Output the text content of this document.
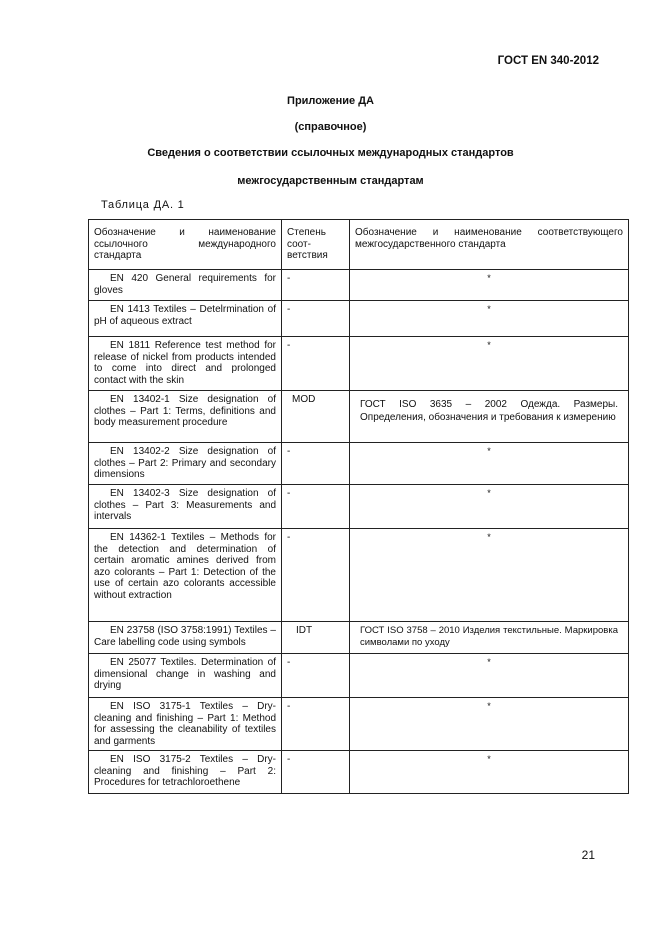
ГОСТ EN 340-2012
Приложение ДА
(справочное)
Сведения о соответствии ссылочных международных стандартов
межгосударственным стандартам
Таблица ДА. 1
Обозначение и наименование ссылочного международного стандарта	Степень соот-ветствия	Обозначение и наименование соответствующего межгосударственного стандарта
EN 420 General requirements for gloves	-	*
EN 1413 Textiles – Detelrmination of pH of aqueous extract	-	*
EN 1811 Reference test method for release of nickel from products intended to come into direct and prolonged contact with the skin	-	*
EN 13402-1 Size designation of clothes – Part 1: Terms, definitions and body measurement procedure	MOD	ГОСТ ISO 3635 – 2002 Одежда. Размеры. Определения, обозначения и требования к измерению
EN 13402-2 Size designation of clothes – Part 2: Primary and secondary dimensions	-	*
EN 13402-3 Size designation of clothes – Part 3: Measurements and intervals	-	*
EN 14362-1 Textiles – Methods for the detection and determination of certain aromatic amines derived from azo colorants – Part 1: Detection of the use of certain azo colorants accessible without extraction	-	*
EN 23758 (ISO 3758:1991) Textiles – Care labelling code using symbols	IDT	ГОСТ ISO 3758 – 2010 Изделия текстильные. Маркировка символами по уходу
EN 25077 Textiles. Determination of dimensional change in washing and drying	-	*
EN ISO 3175-1 Textiles – Dry-cleaning and finishing – Part 1: Method for assessing the cleanability of textiles and garments	-	*
EN ISO 3175-2 Textiles – Dry-cleaning and finishing – Part 2: Procedures for tetrachloroethene	-	*
21
